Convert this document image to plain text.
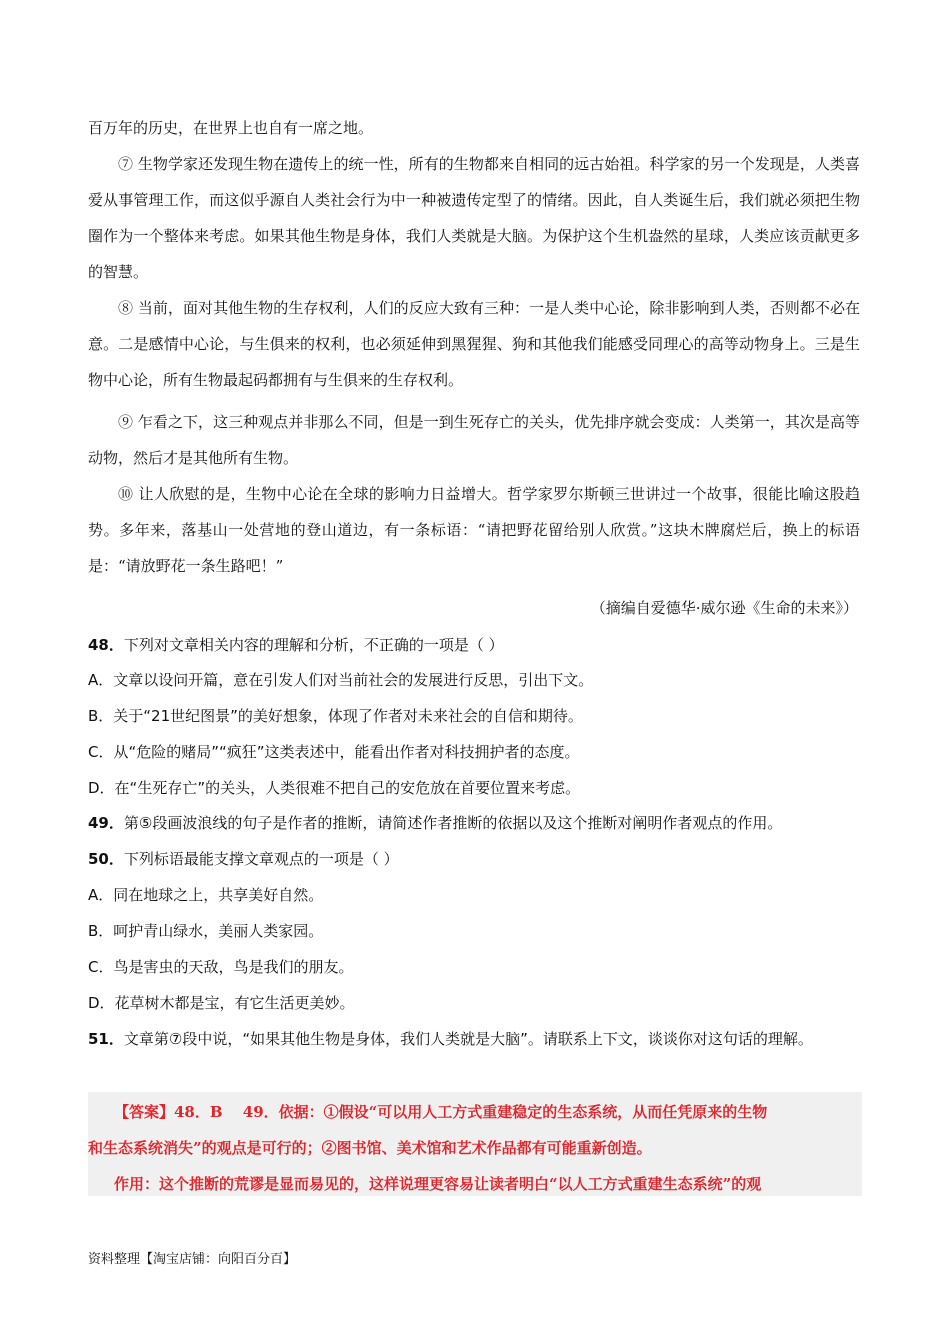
百万年的历史，在世界上也自有一席之地。

⑦ 生物学家还发现生物在遗传上的统一性，所有的生物都来自相同的远古始祖。科学家的另一个发现是，人类喜爱从事管理工作，而这似乎源自人类社会行为中一种被遗传定型了的情绪。因此，自人类诞生后，我们就必须把生物圈作为一个整体来考虑。如果其他生物是身体，我们人类就是大脑。为保护这个生机盎然的星球，人类应该贡献更多的智慧。

⑧ 当前，面对其他生物的生存权利，人们的反应大致有三种：一是人类中心论，除非影响到人类，否则都不必在意。二是感情中心论，与生俱来的权利，也必须延伸到黑猩猩、狗和其他我们能感受同理心的高等动物身上。三是生物中心论，所有生物最起码都拥有与生俱来的生存权利。

⑨ 乍看之下，这三种观点并非那么不同，但是一到生死存亡的关头，优先排序就会变成：人类第一，其次是高等动物，然后才是其他所有生物。

⑩ 让人欣慰的是，生物中心论在全球的影响力日益增大。哲学家罗尔斯顿三世讲过一个故事，很能比喻这股趋势。多年来，落基山一处营地的登山道边，有一条标语：“请把野花留给别人欣赏。”这块木牌腐烂后，换上的标语是：“请放野花一条生路吧！”

（摘编自爱德华·威尔逊《生命的未来》）

48．下列对文章相关内容的理解和分析，不正确的一项是（ ）

A．文章以设问开篇，意在引发人们对当前社会的发展进行反思，引出下文。

B．关于“21世纪图景”的美好想象，体现了作者对未来社会的自信和期待。

C．从“危险的赌局”“疯狂”这类表述中，能看出作者对科技拥护者的态度。

D．在“生死存亡”的关头，人类很难不把自己的安危放在首要位置来考虑。

49．第⑤段画波浪线的句子是作者的推断，请简述作者推断的依据以及这个推断对阐明作者观点的作用。

50．下列标语最能支撑文章观点的一项是（ ）

A．同在地球之上，共享美好自然。

B．呵护青山绿水，美丽人类家园。

C．鸟是害虫的天敌，鸟是我们的朋友。

D．花草树木都是宝，有它生活更美妙。

51．文章第⑦段中说，“如果其他生物是身体，我们人类就是大脑”。请联系上下文，谈谈你对这句话的理解。

【答案】48．B　 49．依据：①假设“可以用人工方式重建稳定的生态系统，从而任凭原来的生物

和生态系统消失”的观点是可行的；②图书馆、美术馆和艺术作品都有可能重新创造。

作用：这个推断的荒谬是显而易见的，这样说理更容易让读者明白“以人工方式重建生态系统”的观

资料整理【淘宝店铺：向阳百分百】
